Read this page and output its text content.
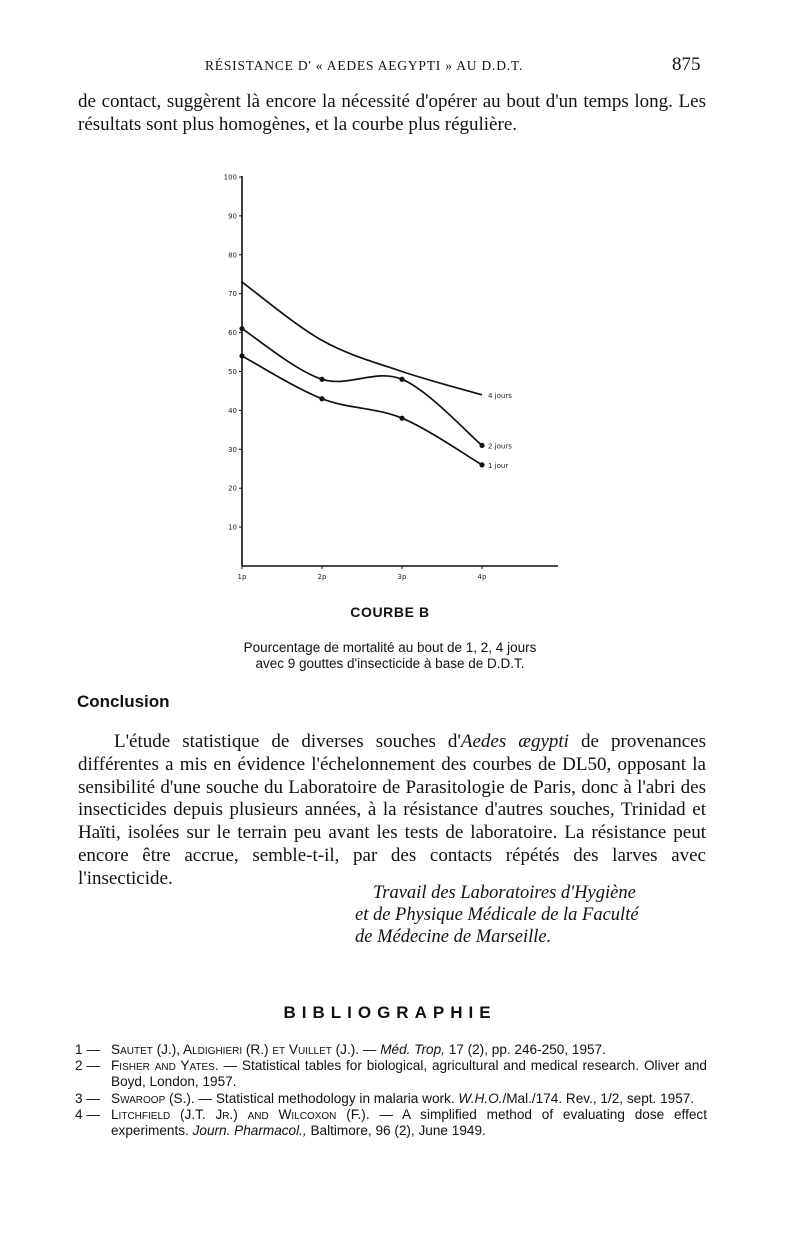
RÉSISTANCE D' « AEDES AEGYPTI » AU D.D.T.	875

de contact, suggèrent là encore la nécessité d'opérer au bout d'un temps long. Les résultats sont plus homogènes, et la courbe plus régulière.

10
20
30
40
50
60
70
80
90
100
1p	2p	3p	4p
4 jours
2 jours
1 jour
COURBE B
Pourcentage de mortalité au bout de 1, 2, 4 jours
avec 9 gouttes d'insecticide à base de D.D.T.
Conclusion

L'étude statistique de diverses souches d'Aedes ægypti de provenances différentes a mis en évidence l'échelonnement des courbes de DL50, opposant la sensibilité d'une souche du Laboratoire de Parasitologie de Paris, donc à l'abri des insecticides depuis plusieurs années, à la résistance d'autres souches, Trinidad et Haïti, isolées sur le terrain peu avant les tests de laboratoire. La résistance peut encore être accrue, semble-t-il, par des contacts répétés des larves avec l'insecticide.

Travail des Laboratoires d'Hygiène
et de Physique Médicale de la Faculté
de Médecine de Marseille.
BIBLIOGRAPHIE
1 — Sautet (J.), Aldighieri (R.) et Vuillet (J.). — Méd. Trop, 17 (2), pp. 246-250, 1957.
2 — Fisher and Yates. — Statistical tables for biological, agricultural and medical research. Oliver and Boyd, London, 1957.
3 — Swaroop (S.). — Statistical methodology in malaria work. W.H.O./Mal./174. Rev., 1/2, sept. 1957.
4 — Litchfield (J.T. Jr.) and Wilcoxon (F.). — A simplified method of evaluating dose effect experiments. Journ. Pharmacol., Baltimore, 96 (2), June 1949.
